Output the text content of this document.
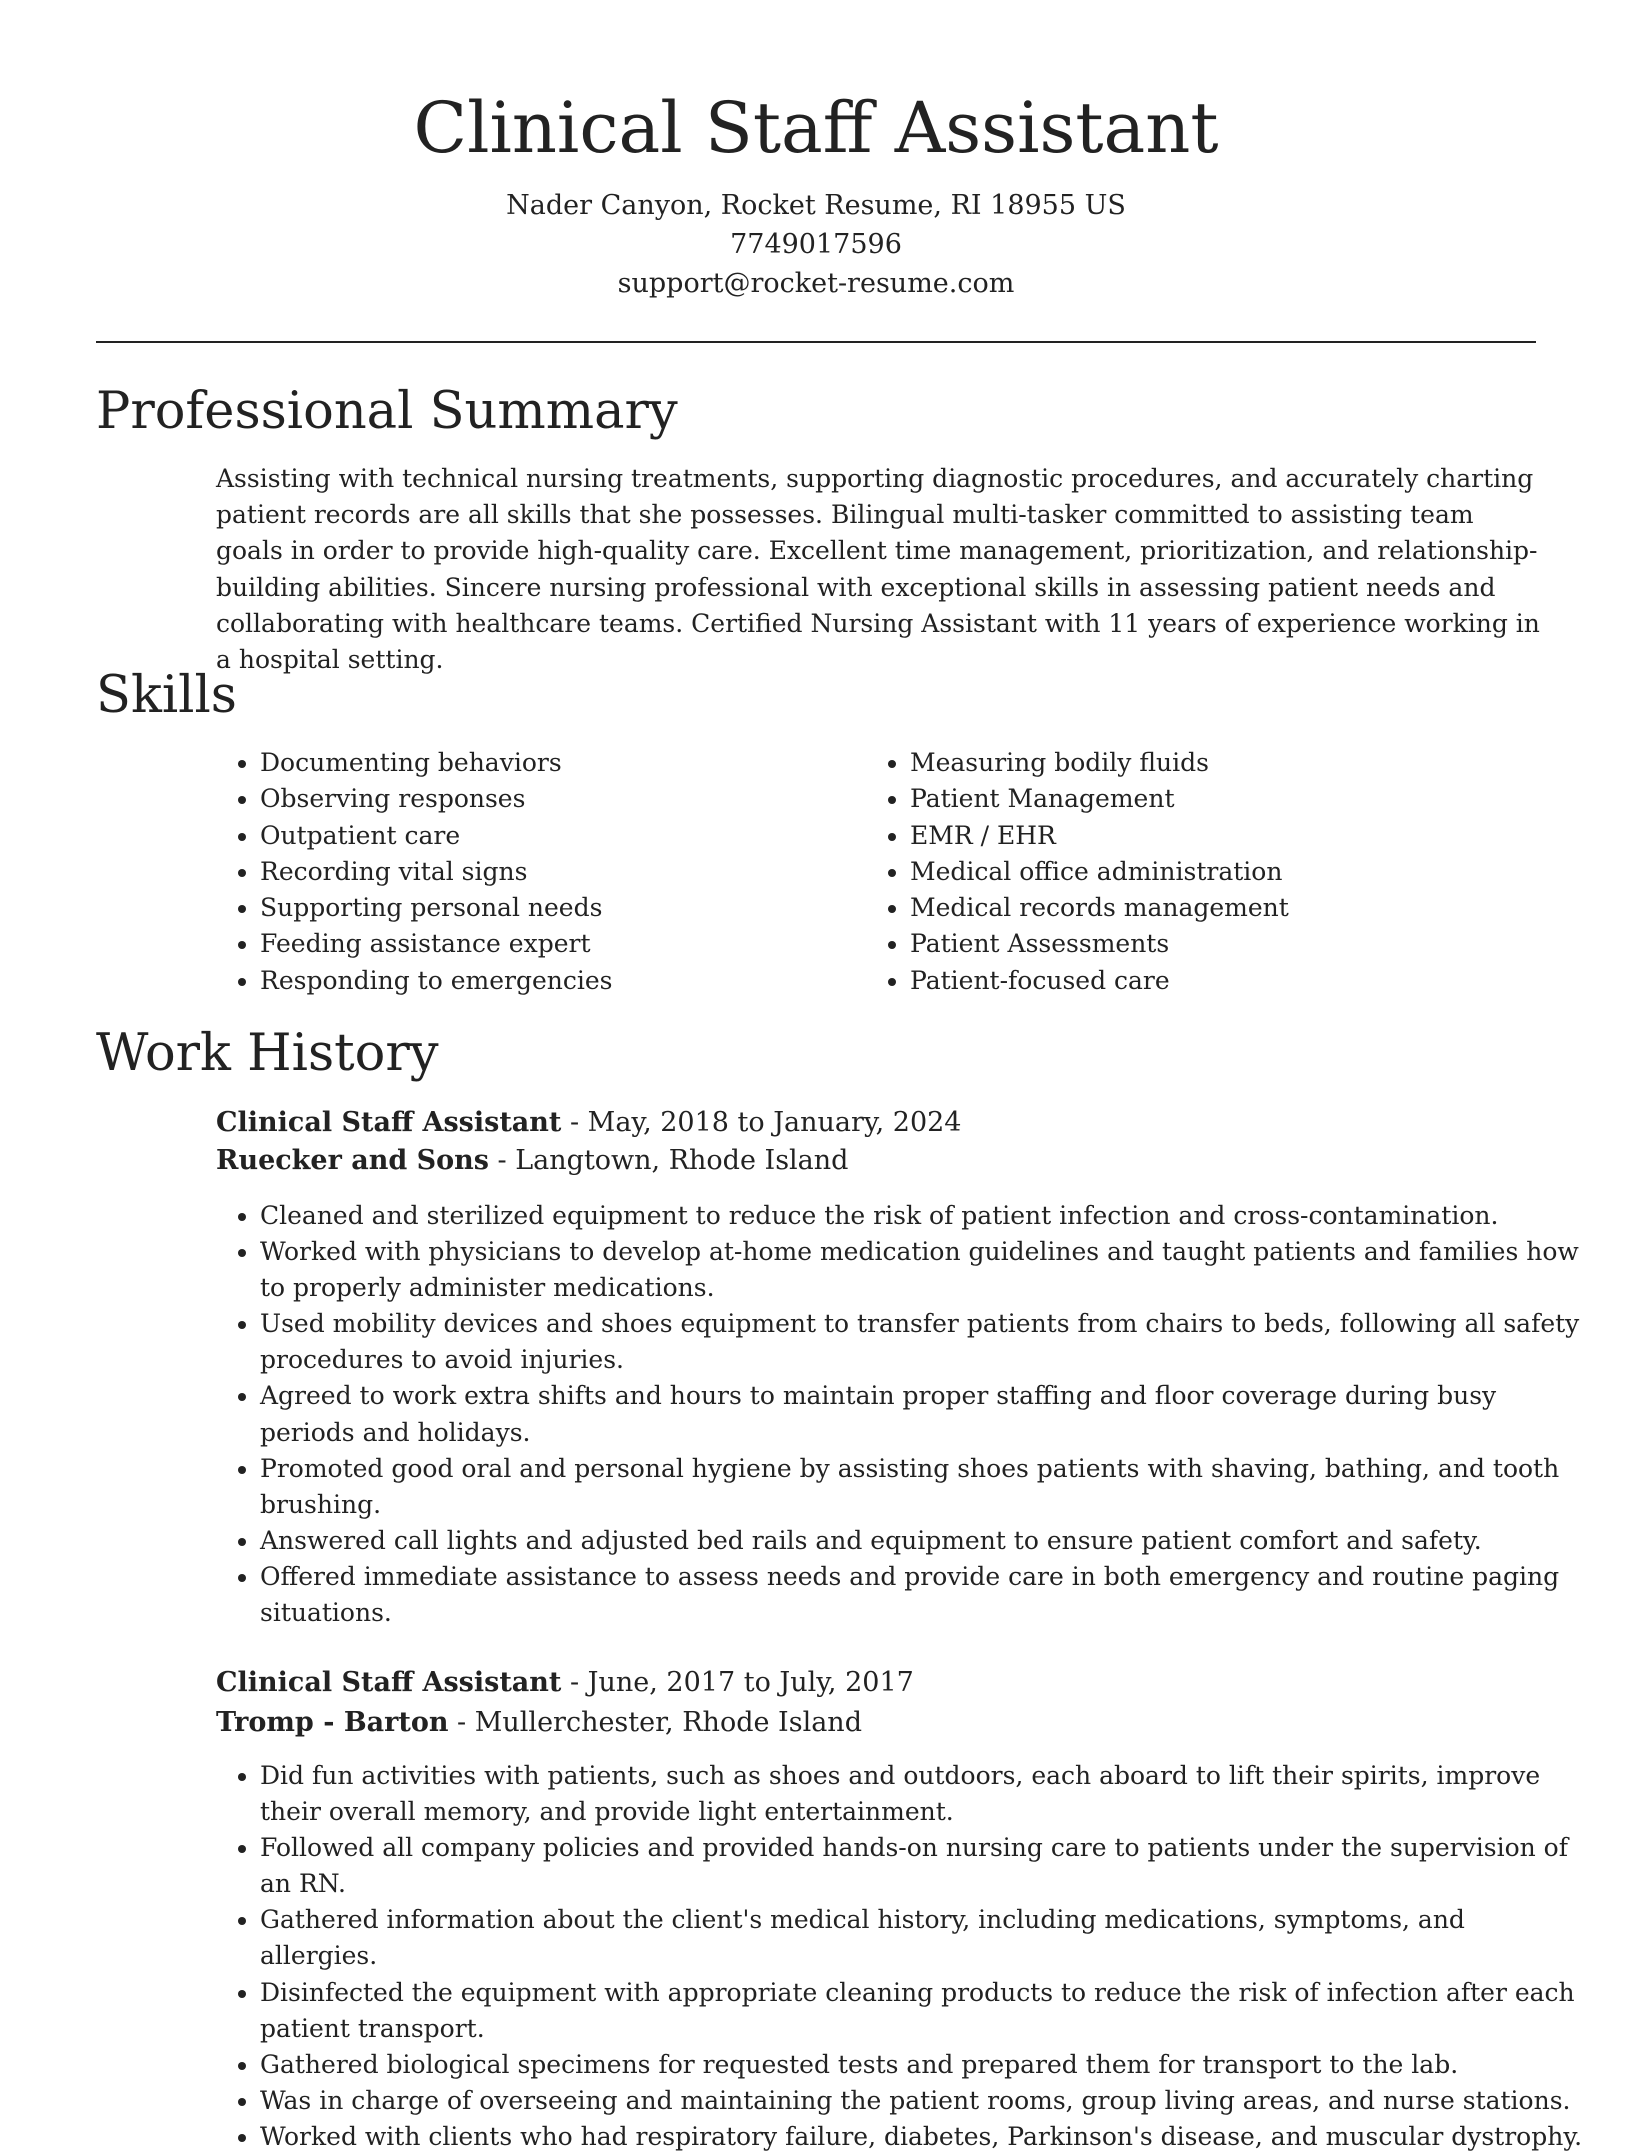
Clinical Staff Assistant
Nader Canyon, Rocket Resume, RI 18955 US
7749017596
support@rocket-resume.com
Professional Summary

Assisting with technical nursing treatments, supporting diagnostic procedures, and accurately charting patient records are all skills that she possesses. Bilingual multi-tasker committed to assisting team goals in order to provide high-quality care. Excellent time management, prioritization, and relationship-building abilities. Sincere nursing professional with exceptional skills in assessing patient needs and collaborating with healthcare teams. Certified Nursing Assistant with 11 years of experience working in a hospital setting.

Skills
• Documenting behaviors
• Observing responses
• Outpatient care
• Recording vital signs
• Supporting personal needs
• Feeding assistance expert
• Responding to emergencies
• Measuring bodily fluids
• Patient Management
• EMR / EHR
• Medical office administration
• Medical records management
• Patient Assessments
• Patient-focused care
Work History
Clinical Staff Assistant - May, 2018 to January, 2024
Ruecker and Sons - Langtown, Rhode Island
• Cleaned and sterilized equipment to reduce the risk of patient infection and cross-contamination.
• Worked with physicians to develop at-home medication guidelines and taught patients and families how to properly administer medications.
• Used mobility devices and shoes equipment to transfer patients from chairs to beds, following all safety procedures to avoid injuries.
• Agreed to work extra shifts and hours to maintain proper staffing and floor coverage during busy periods and holidays.
• Promoted good oral and personal hygiene by assisting shoes patients with shaving, bathing, and tooth brushing.
• Answered call lights and adjusted bed rails and equipment to ensure patient comfort and safety.
• Offered immediate assistance to assess needs and provide care in both emergency and routine paging situations.
Clinical Staff Assistant - June, 2017 to July, 2017
Tromp - Barton - Mullerchester, Rhode Island
• Did fun activities with patients, such as shoes and outdoors, each aboard to lift their spirits, improve their overall memory, and provide light entertainment.
• Followed all company policies and provided hands-on nursing care to patients under the supervision of an RN.
• Gathered information about the client's medical history, including medications, symptoms, and allergies.
• Disinfected the equipment with appropriate cleaning products to reduce the risk of infection after each patient transport.
• Gathered biological specimens for requested tests and prepared them for transport to the lab.
• Was in charge of overseeing and maintaining the patient rooms, group living areas, and nurse stations.
• Worked with clients who had respiratory failure, diabetes, Parkinson's disease, and muscular dystrophy.
